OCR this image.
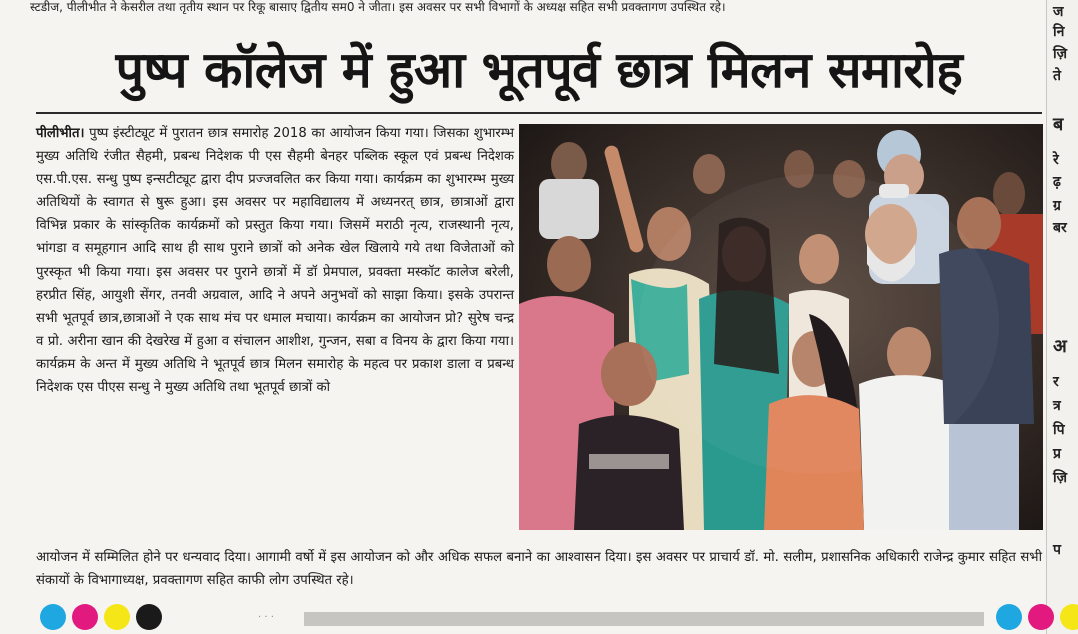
स्टडीज, पीलीभीत ने केसरील तथा तृतीय स्थान पर रिकू बासाए द्वितीय सम0 ने जीता। इस अवसर पर सभी विभागों के अध्यक्ष सहित सभी प्रवक्तागण उपस्थित रहे।	ज
नि
ज़ि
ते
ब
रे
ढ़
ग्र
बर
अ
र
त्र
पि
प्र
ज़ि
प
पुष्प कॉलेज में हुआ भूतपूर्व छात्र मिलन समारोह
पीलीभीत। पुष्प इंस्टीट्यूट में पुरातन छात्र समारोह 2018 का आयोजन किया गया। जिसका शुभारम्भ मुख्य अतिथि रंजीत सैहमी, प्रबन्ध निदेशक पी एस सैहमी बेनहर पब्लिक स्कूल एवं प्रबन्ध निदेशक एस.पी.एस. सन्धु पुष्प इन्सटीट्यूट द्वारा दीप प्रज्जवलित कर किया गया। कार्यक्रम का शुभारम्भ मुख्य अतिथियों के स्वागत से षुरू हुआ। इस अवसर पर महाविद्यालय में अध्यनरत् छात्र, छात्राओं द्वारा विभिन्न प्रकार के सांस्कृतिक कार्यक्रमों को प्रस्तुत किया गया। जिसमें मराठी नृत्य, राजस्थानी नृत्य, भांगडा व समूहगान आदि साथ ही साथ पुराने छात्रों को अनेक खेल खिलाये गये तथा विजेताओं को पुरस्कृत भी किया गया। इस अवसर पर पुराने छात्रों में डॉ प्रेमपाल, प्रवक्ता मस्कॉट कालेज बरेली, हरप्रीत सिंह, आयुशी सेंगर, तनवी अग्रवाल, आदि ने अपने अनुभवों को साझा किया। इसके उपरान्त सभी भूतपूर्व छात्र,छात्राओं ने एक साथ मंच पर धमाल मचाया। कार्यक्रम का आयोजन प्रो? सुरेष चन्द्र व प्रो. अरीना खान की देखरेख में हुआ व संचालन आशीश, गुन्जन, सबा व विनय के द्वारा किया गया। कार्यक्रम के अन्त में मुख्य अतिथि ने भूतपूर्व छात्र मिलन समारोह के महत्व पर प्रकाश डाला व प्रबन्ध निदेशक एस पीएस सन्धु ने मुख्य अतिथि तथा भूतपूर्व छात्रों को
आयोजन में सम्मिलित होने पर धन्यवाद दिया। आगामी वर्षो में इस आयोजन को और अधिक सफल बनाने का आश्वासन दिया। इस अवसर पर प्राचार्य डॉ. मो. सलीम, प्रशासनिक अधिकारी राजेन्द्र कुमार सहित सभी संकायों के विभागाध्यक्ष, प्रवक्तागण सहित काफी लोग उपस्थित रहे।
· · ·
